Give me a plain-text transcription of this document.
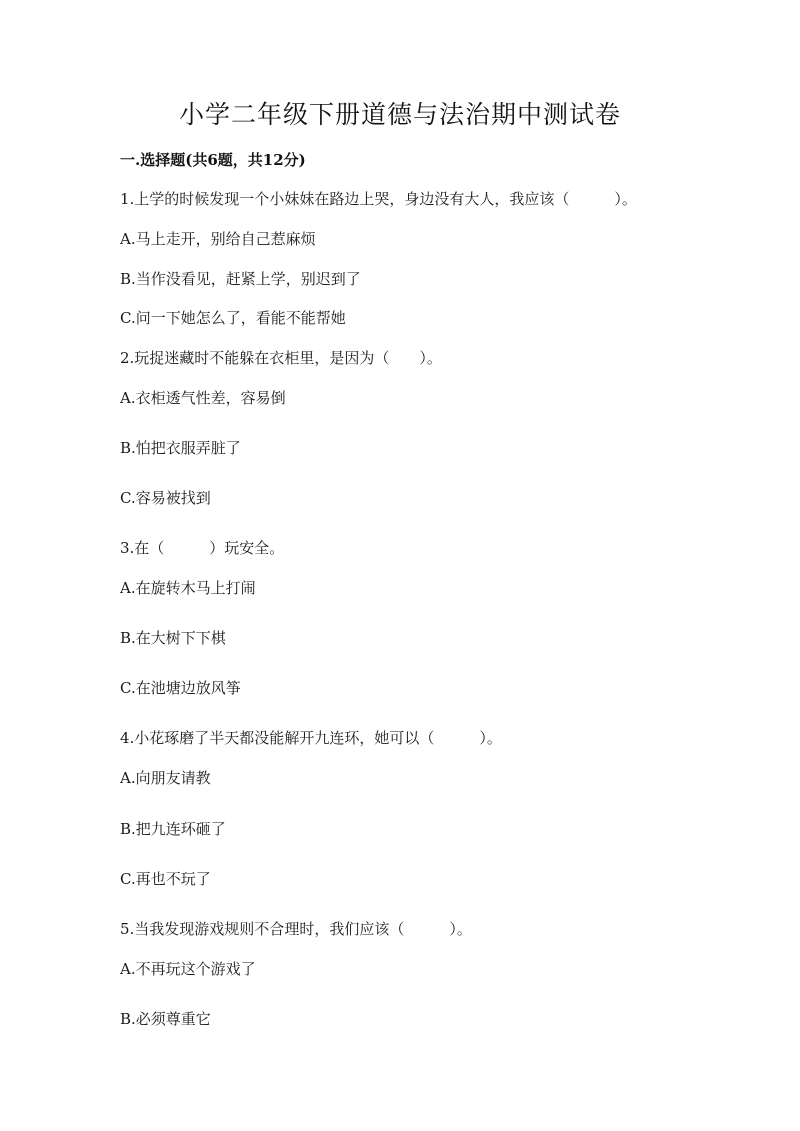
小学二年级下册道德与法治期中测试卷
一.选择题(共6题，共12分)
1.上学的时候发现一个小妹妹在路边上哭，身边没有大人，我应该（　　　）。
A.马上走开，别给自己惹麻烦
B.当作没看见，赶紧上学，别迟到了
C.问一下她怎么了，看能不能帮她
2.玩捉迷藏时不能躲在衣柜里，是因为（　　）。
A.衣柜透气性差，容易倒
B.怕把衣服弄脏了
C.容易被找到
3.在（　　　）玩安全。
A.在旋转木马上打闹
B.在大树下下棋
C.在池塘边放风筝
4.小花琢磨了半天都没能解开九连环，她可以（　　　）。
A.向朋友请教
B.把九连环砸了
C.再也不玩了
5.当我发现游戏规则不合理时，我们应该（　　　）。
A.不再玩这个游戏了
B.必须尊重它
